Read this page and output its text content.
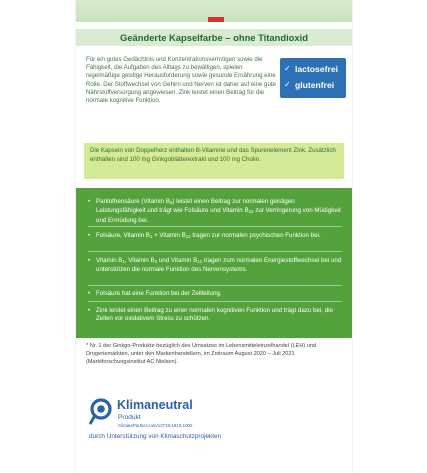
Geänderte Kapselfarbe – ohne Titandioxid

Für ein gutes Gedächtnis und Konzentrationsvermögen sowie die Fähigkeit, die Aufgaben des Alltags zu bewältigen, spielen regelmäßige geistige Herausforderung sowie gesunde Ernährung eine Rolle. Der Stoffwechsel von Gehirn und Nerven ist daher auf eine gute Nährstoffversorgung angewiesen. Zink leistet einen Beitrag für die normale kognitive Funktion.

✓ lactosefrei
✓ glutenfrei

Die Kapseln von Doppelherz enthalten B-Vitamine und das Spurenelement Zink. Zusätzlich enthalten sind 100 mg Ginkgoblätterextrakt und 100 mg Cholin.

• Pantothensäure (Vitamin $B_5$) leistet einen Beitrag zur normalen geistigen Leistungsfähigkeit und trägt wie Folsäure und Vitamin $B_{12}$ zur Verringerung von Müdigkeit und Ermüdung bei.

• Folsäure, Vitamin $B_1$ + Vitamin $B_{12}$ tragen zur normalen psychischen Funktion bei.

• Vitamin $B_1$, Vitamin $B_2$ und Vitamin $B_{12}$ tragen zum normalen Energiestoffwechsel bei und unterstützen die normale Funktion des Nervensystems.

• Folsäure hat eine Funktion bei der Zellteilung.

• Zink leistet einen Beitrag zu einer normalen kognitiven Funktion und trägt dazu bei, die Zellen vor oxidativem Stress zu schützen.

* Nr. 1 der Ginkgo-Produkte bezüglich des Umsatzes im Lebensmitteleinzelhandel (LEH) und Drogeriemärkten, unter den Markenherstellern, im Zeitraum August 2020 – Juli 2021 (Marktforschungsinstitut AC Nielsen).

Klimaneutral
Produkt
ClimatePartner.com/13719-1910-1002
durch Unterstützung von Klimaschutzprojekten
